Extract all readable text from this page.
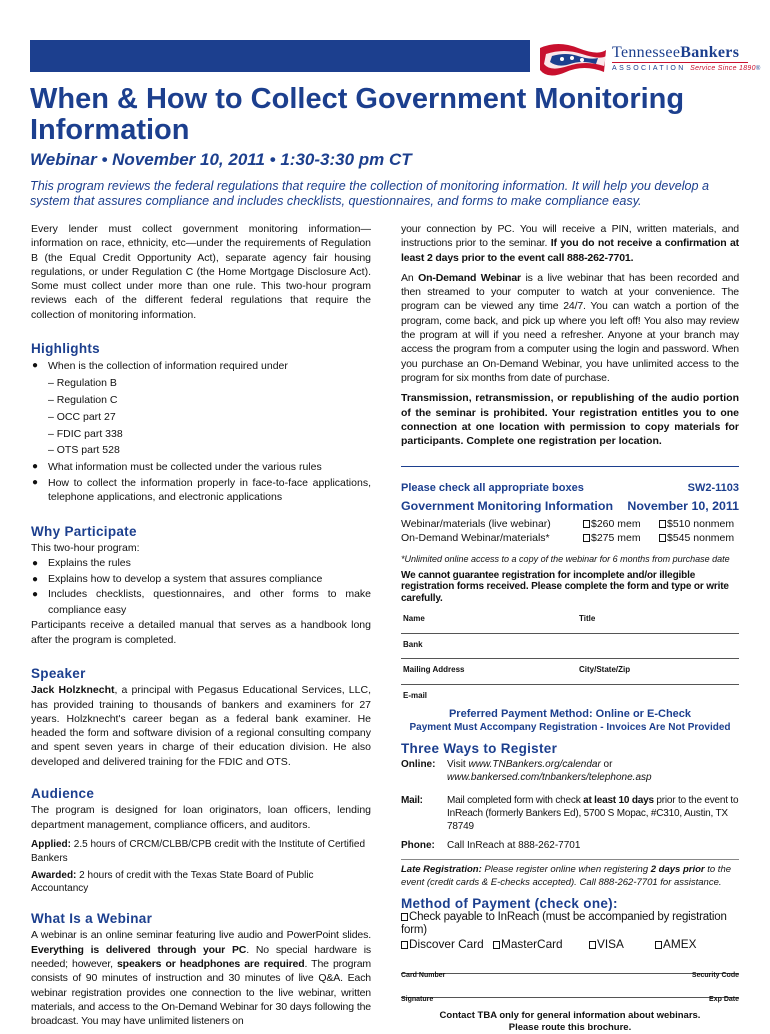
TennesseeBankers
ASSOCIATION Service Since 1890®
When & How to Collect Government Monitoring Information
Webinar • November 10, 2011 • 1:30-3:30 pm CT

This program reviews the federal regulations that require the collection of monitoring information. It will help you develop a system that assures compliance and includes checklists, questionnaires, and forms to make compliance easy.

Every lender must collect government monitoring information—information on race, ethnicity, etc—under the requirements of Regulation B (the Equal Credit Opportunity Act), separate agency fair housing regulations, or under Regulation C (the Home Mortgage Disclosure Act). Some must collect under more than one rule. This two-hour program reviews each of the different federal regulations that require the collection of monitoring information.

Highlights
● When is the collection of information required under
– Regulation B
– Regulation C
– OCC part 27
– FDIC part 338
– OTS part 528
● What information must be collected under the various rules
● How to collect the information properly in face-to-face applications, telephone applications, and electronic applications
Why Participate

This two-hour program:

● Explains the rules
● Explains how to develop a system that assures compliance
● Includes checklists, questionnaires, and other forms to make compliance easy

Participants receive a detailed manual that serves as a handbook long after the program is completed.

Speaker

Jack Holzknecht, a principal with Pegasus Educational Services, LLC, has provided training to thousands of bankers and examiners for 27 years. Holzknecht's career began as a federal bank examiner. He headed the form and software division of a regional consulting company and spent seven years in charge of their education division. He also developed and delivered training for the FDIC and OTS.

Audience

The program is designed for loan originators, loan officers, lending department management, compliance officers, and auditors.

Applied: 2.5 hours of CRCM/CLBB/CPB credit with the Institute of Certified Bankers

Awarded: 2 hours of credit with the Texas State Board of Public Accountancy

What Is a Webinar

A webinar is an online seminar featuring live audio and PowerPoint slides. Everything is delivered through your PC. No special hardware is needed; however, speakers or headphones are required. The program consists of 90 minutes of instruction and 30 minutes of live Q&A. Each webinar registration provides one connection to the live webinar, written materials, and access to the On-Demand Webinar for 30 days following the broadcast. You may have unlimited listeners on

your connection by PC. You will receive a PIN, written materials, and instructions prior to the seminar. If you do not receive a confirmation at least 2 days prior to the event call 888-262-7701.

An On-Demand Webinar is a live webinar that has been recorded and then streamed to your computer to watch at your convenience. The program can be viewed any time 24/7. You can watch a portion of the program, come back, and pick up where you left off! You also may review the program at will if you need a refresher. Anyone at your branch may access the program from a computer using the login and password. When you purchase an On-Demand Webinar, you have unlimited access to the program for six months from date of purchase.

Transmission, retransmission, or republishing of the audio portion of the seminar is prohibited. Your registration entitles you to one connection at one location with permission to copy materials for participants. Complete one registration per location.

Please check all appropriate boxes	SW2-1103
Government Monitoring Information November 10, 2011
Webinar/materials (live webinar)	$260 mem	$510 nonmem
On-Demand Webinar/materials*	$275 mem	$545 nonmem

*Unlimited online access to a copy of the webinar for 6 months from purchase date

We cannot guarantee registration for incomplete and/or illegible registration forms received. Please complete the form and type or write carefully.

Name	Title
Bank
Mailing Address	City/State/Zip
E-mail

Preferred Payment Method: Online or E-Check

Payment Must Accompany Registration - Invoices Are Not Provided

Three Ways to Register
Online:	Visit www.TNBankers.org/calendar or www.bankersed.com/tnbankers/telephone.asp
Mail:	Mail completed form with check at least 10 days prior to the event to InReach (formerly Bankers Ed), 5700 S Mopac, #C310, Austin, TX 78749
Phone:	Call InReach at 888-262-7701

Late Registration: Please register online when registering 2 days prior to the event (credit cards & E-checks accepted). Call 888-262-7701 for assistance.

Method of Payment (check one):

Check payable to InReach (must be accompanied by registration form)

Discover Card	MasterCard	VISA	AMEX
Card Number	Security Code
Signature	Exp Date

Contact TBA only for general information about webinars.
Please route this brochure.
